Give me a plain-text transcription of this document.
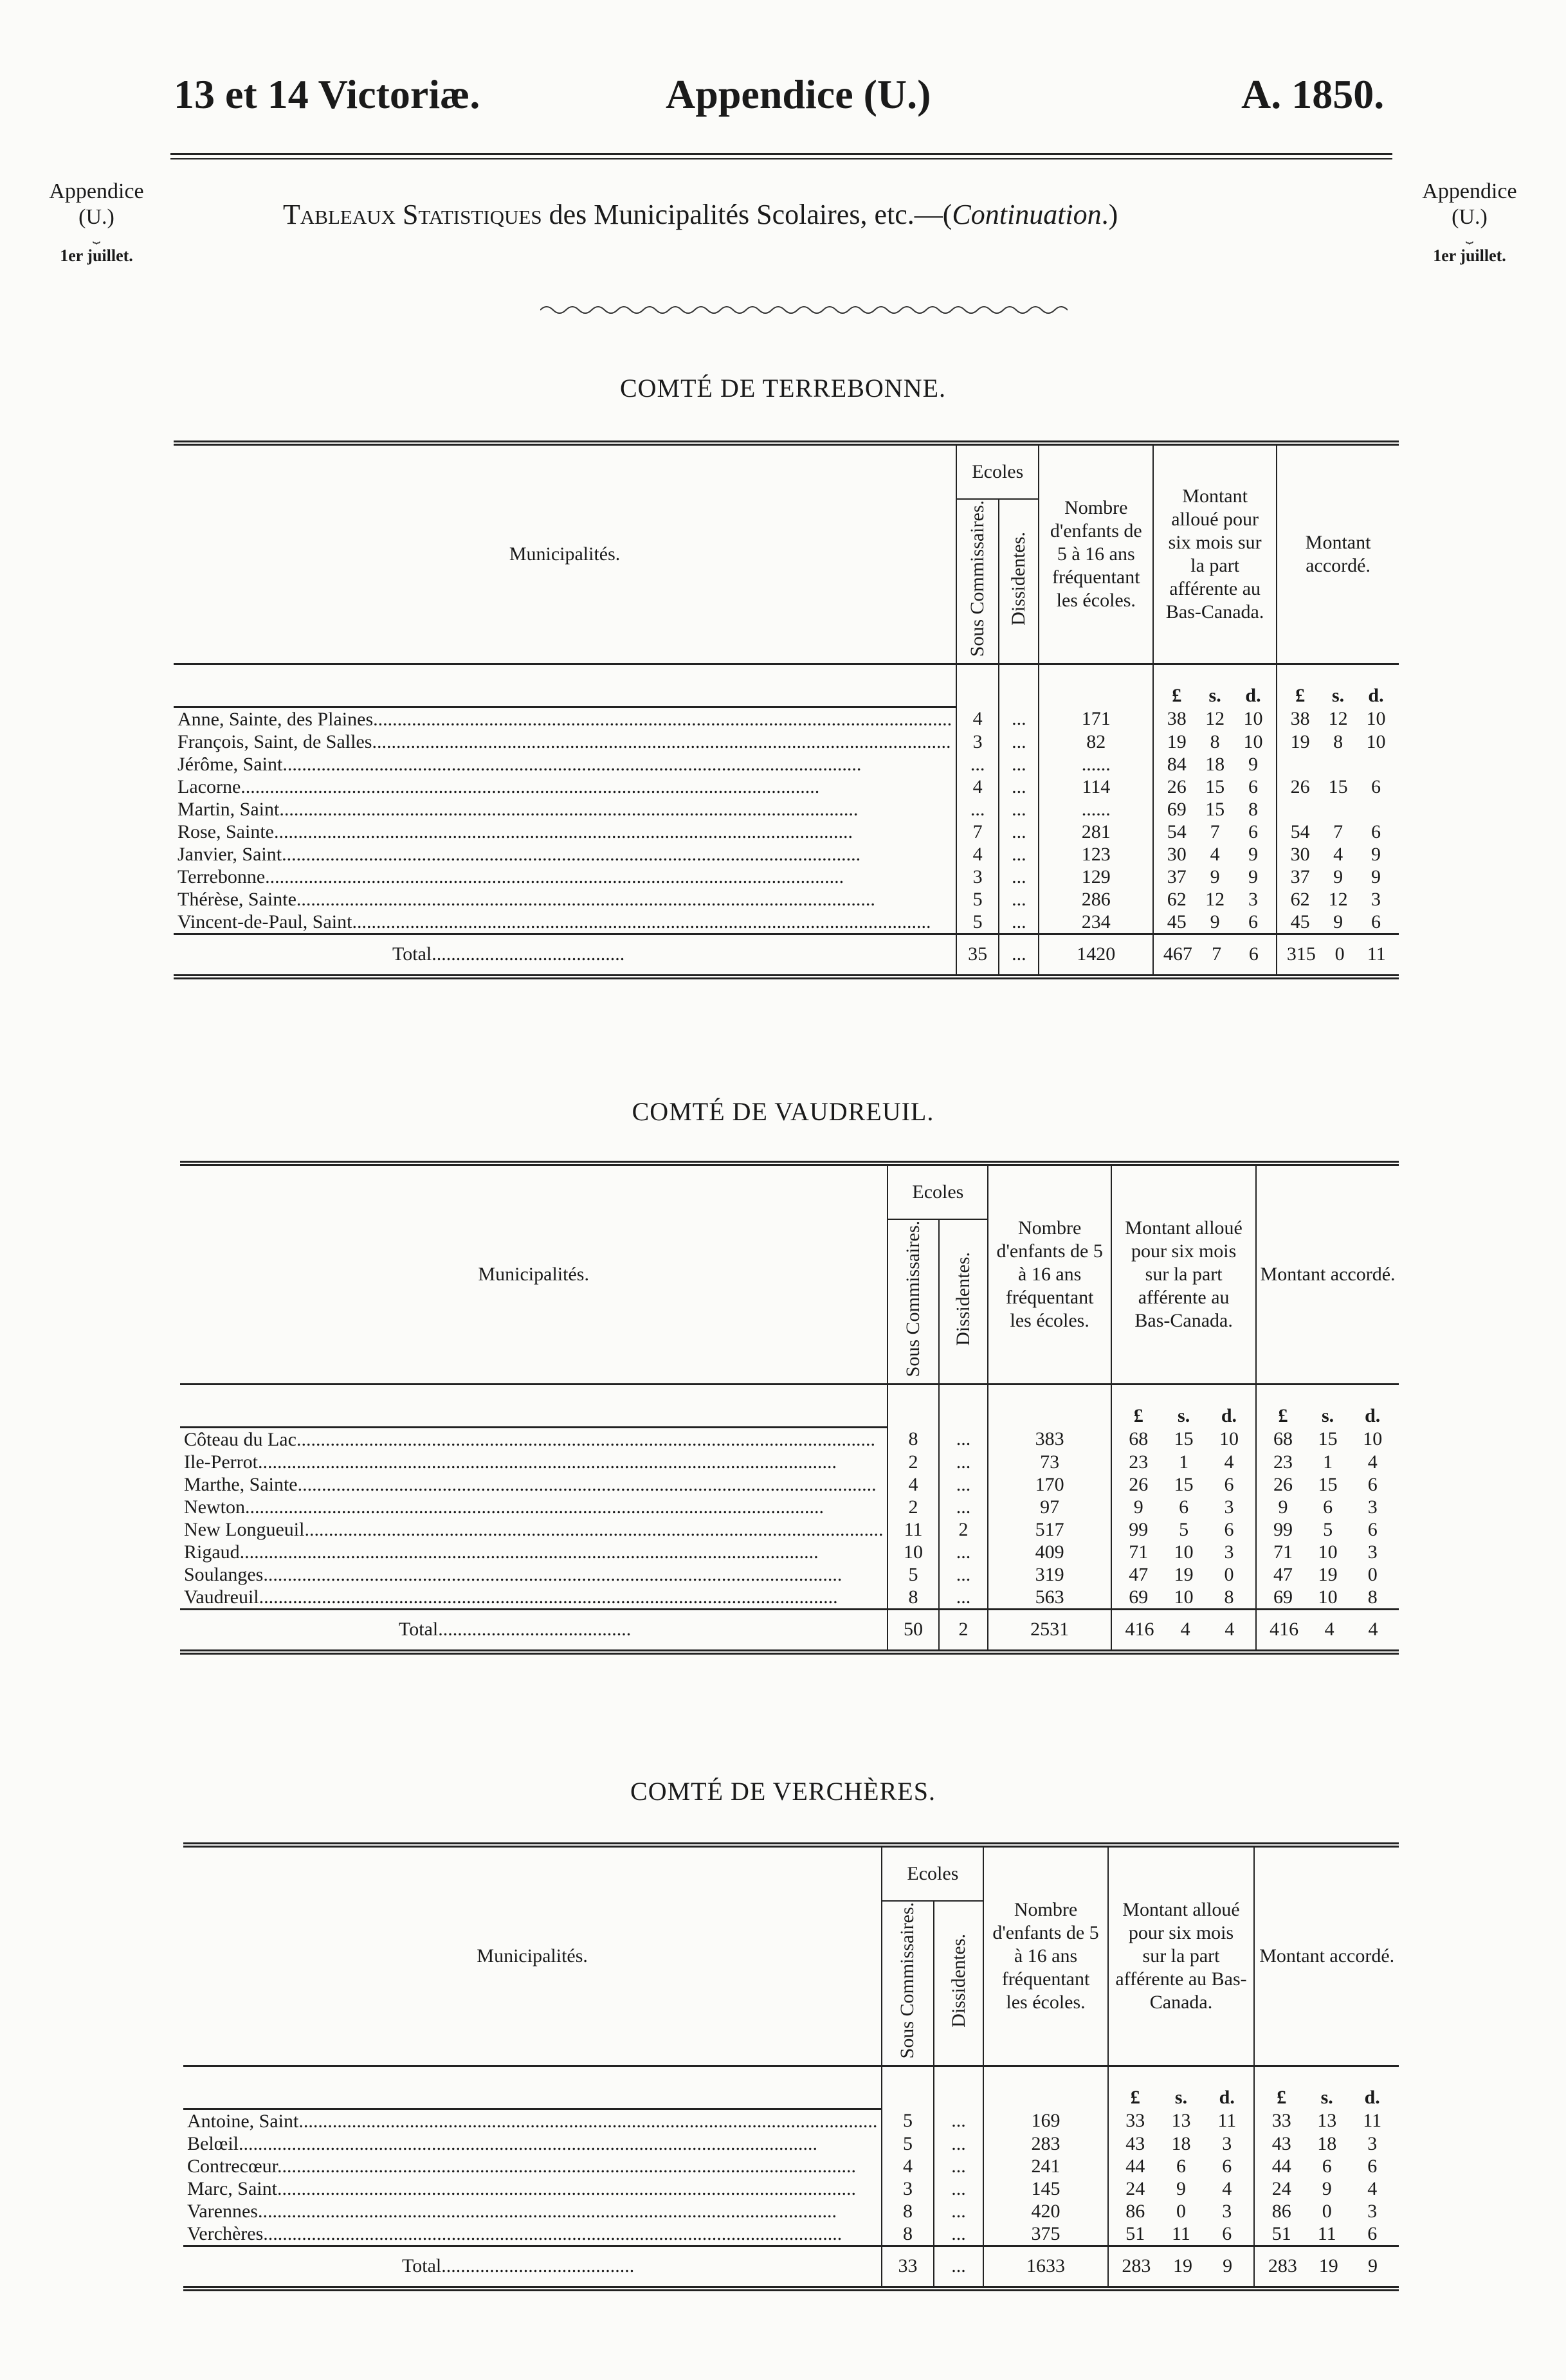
13 et 14 Victoriæ.	Appendice (U.)	A. 1850.
Appendice
(U.)
⏟
1er juillet.
Appendice
(U.)
⏟
1er juillet.
Tableaux Statistiques des Municipalités Scolaires, etc.—(Continuation.)
COMTÉ DE TERREBONNE.
COMTÉ DE VAUDREUIL.
COMTÉ DE VERCHÈRES.
Municipalités.	Ecoles		Nombre d'enfants de 5 à 16 ans fréquentant les écoles.	Montant alloué pour six mois sur la part afférente au Bas-Canada.	Montant accordé.
	Sous Commissaires.	Dissidentes.			

				£ s. d.	£ s. d.

Anne, Sainte, des Plaines........................................................................................................................	4	...	171	38 12 10	38 12 10

François, Saint, de Salles........................................................................................................................	3	...	82	19 8 10	19 8 10

Jérôme, Saint........................................................................................................................	...	...	......	84 18 9	

Lacorne........................................................................................................................	4	...	114	26 15 6	26 15 6

Martin, Saint........................................................................................................................	...	...	......	69 15 8	

Rose, Sainte........................................................................................................................	7	...	281	54 7 6	54 7 6

Janvier, Saint........................................................................................................................	4	...	123	30 4 9	30 4 9

Terrebonne........................................................................................................................	3	...	129	37 9 9	37 9 9

Thérèse, Sainte........................................................................................................................	5	...	286	62 12 3	62 12 3

Vincent-de-Paul, Saint........................................................................................................................	5	...	234	45 9 6	45 9 6

Total........................................	35	...	1420	467 7 6	315 0 11
Municipalités.	Ecoles		Nombre d'enfants de 5 à 16 ans fréquentant les écoles.	Montant alloué pour six mois sur la part afférente au Bas-Canada.	Montant accordé.
	Sous Commissaires.	Dissidentes.			

				£ s. d.	£ s. d.

Côteau du Lac........................................................................................................................	8	...	383	68 15 10	68 15 10

Ile-Perrot........................................................................................................................	2	...	73	23 1 4	23 1 4

Marthe, Sainte........................................................................................................................	4	...	170	26 15 6	26 15 6

Newton........................................................................................................................	2	...	97	9 6 3	9 6 3

New Longueuil........................................................................................................................	11	2	517	99 5 6	99 5 6

Rigaud........................................................................................................................	10	...	409	71 10 3	71 10 3

Soulanges........................................................................................................................	5	...	319	47 19 0	47 19 0

Vaudreuil........................................................................................................................	8	...	563	69 10 8	69 10 8

Total........................................	50	2	2531	416 4 4	416 4 4
Municipalités.	Ecoles		Nombre d'enfants de 5 à 16 ans fréquentant les écoles.	Montant alloué pour six mois sur la part afférente au Bas-Canada.	Montant accordé.
	Sous Commissaires.	Dissidentes.			

				£ s. d.	£ s. d.

Antoine, Saint........................................................................................................................	5	...	169	33 13 11	33 13 11

Belœil........................................................................................................................	5	...	283	43 18 3	43 18 3

Contrecœur........................................................................................................................	4	...	241	44 6 6	44 6 6

Marc, Saint........................................................................................................................	3	...	145	24 9 4	24 9 4

Varennes........................................................................................................................	8	...	420	86 0 3	86 0 3

Verchères........................................................................................................................	8	...	375	51 11 6	51 11 6

Total........................................	33	...	1633	283 19 9	283 19 9
